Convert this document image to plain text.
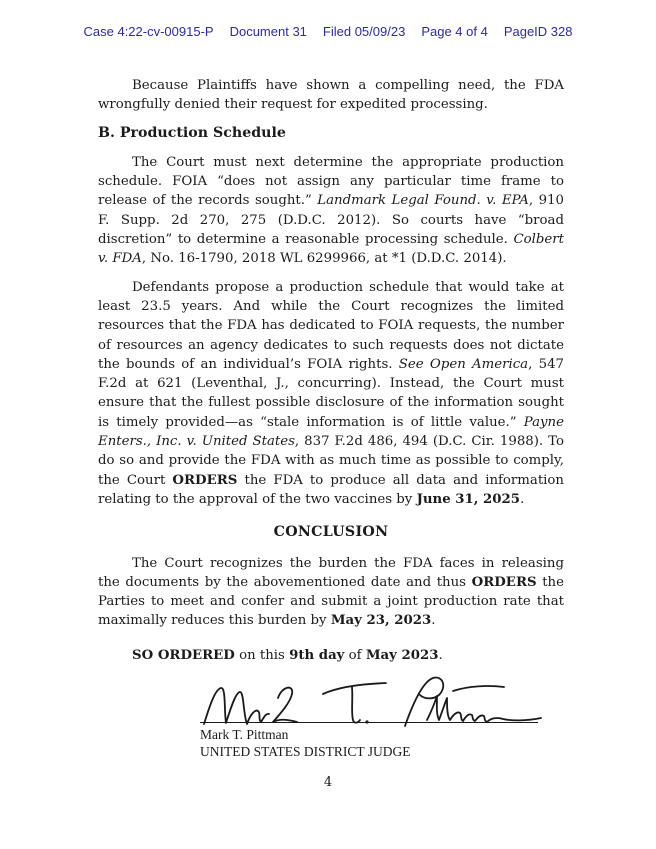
Case 4:22-cv-00915-P Document 31 Filed 05/09/23 Page 4 of 4 PageID 328

Because Plaintiffs have shown a compelling need, the FDA wrongfully denied their request for expedited processing.

B. Production Schedule

The Court must next determine the appropriate production schedule. FOIA “does not assign any particular time frame to release of the records sought.” Landmark Legal Found. v. EPA, 910 F. Supp. 2d 270, 275 (D.D.C. 2012). So courts have “broad discretion” to determine a reasonable processing schedule. Colbert v. FDA, No. 16-1790, 2018 WL 6299966, at *1 (D.D.C. 2014).

Defendants propose a production schedule that would take at least 23.5 years. And while the Court recognizes the limited resources that the FDA has dedicated to FOIA requests, the number of resources an agency dedicates to such requests does not dictate the bounds of an individual’s FOIA rights. See Open America, 547 F.2d at 621 (Leventhal, J., concurring). Instead, the Court must ensure that the fullest possible disclosure of the information sought is timely provided—as “stale information is of little value.” Payne Enters., Inc. v. United States, 837 F.2d 486, 494 (D.C. Cir. 1988). To do so and provide the FDA with as much time as possible to comply, the Court ORDERS the FDA to produce all data and information relating to the approval of the two vaccines by June 31, 2025.

CONCLUSION

The Court recognizes the burden the FDA faces in releasing the documents by the abovementioned date and thus ORDERS the Parties to meet and confer and submit a joint production rate that maximally reduces this burden by May 23, 2023.

SO ORDERED on this 9th day of May 2023.

Mark T. Pittman
UNITED STATES DISTRICT JUDGE
4
